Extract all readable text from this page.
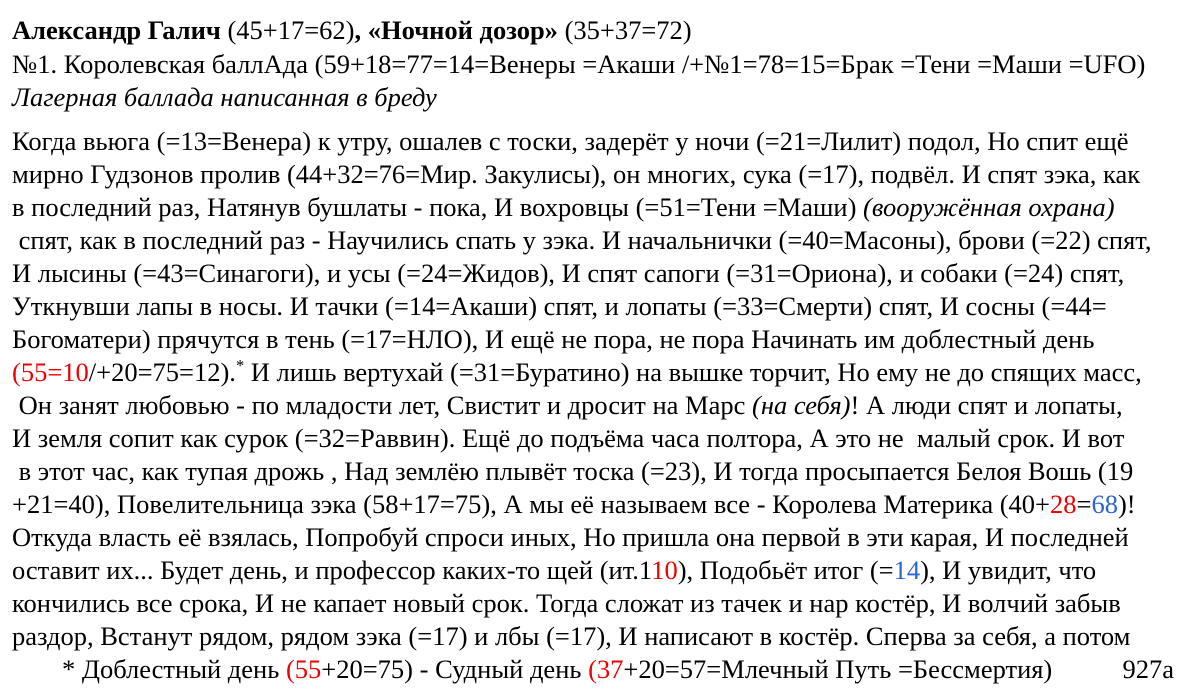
Александр Галич (45+17=62), «Ночной дозор» (35+37=72)
№1. Королевская баллАда (59+18=77=14=Венеры =Акаши /+№1=78=15=Брак =Тени =Маши =UFO)
Лагерная баллада написанная в бреду
Когда вьюга (=13=Венера) к утру, ошалев с тоски, задерёт у ночи (=21=Лилит) подол, Но спит ещё
мирно Гудзонов пролив (44+32=76=Мир. Закулисы), он многих, сука (=17), подвёл. И спят зэка, как
в последний раз, Натянув бушлаты - пока, И вохровцы (=51=Тени =Маши) (вооружённая охрана)
спят, как в последний раз - Научились спать у зэка. И начальнички (=40=Масоны), брови (=22) спят,
И лысины (=43=Синагоги), и усы (=24=Жидов), И спят сапоги (=31=Ориона), и собаки (=24) спят,
Уткнувши лапы в носы. И тачки (=14=Акаши) спят, и лопаты (=33=Смерти) спят, И сосны (=44=
Богоматери) прячутся в тень (=17=НЛО), И ещё не пора, не пора Начинать им доблестный день
(55=10/+20=75=12).* И лишь вертухай (=31=Буратино) на вышке торчит, Но ему не до спящих масс,
Он занят любовью - по младости лет, Свистит и дросит на Марс (на себя)! А люди спят и лопаты,
И земля сопит как сурок (=32=Раввин). Ещё до подъёма часа полтора, А это не  малый срок. И вот
в этот час, как тупая дрожь , Над землёю плывёт тоска (=23), И тогда просыпается Белоя Вошь (19
+21=40), Повелительница зэка (58+17=75), А мы её называем все - Королева Материка (40+28=68)!
Откуда власть её взялась, Попробуй спроси иных, Но пришла она первой в эти карая, И последней
оставит их... Будет день, и профессор каких-то щей (ит.110), Подобьёт итог (=14), И увидит, что
кончились все срока, И не капает новый срок. Тогда сложат из тачек и нар костёр, И волчий забыв
раздор, Встанут рядом, рядом зэка (=17) и лбы (=17), И написают в костёр. Сперва за себя, а потом
* Доблестный день (55+20=75) - Судный день (37+20=57=Млечный Путь =Бессмертия)	927а
